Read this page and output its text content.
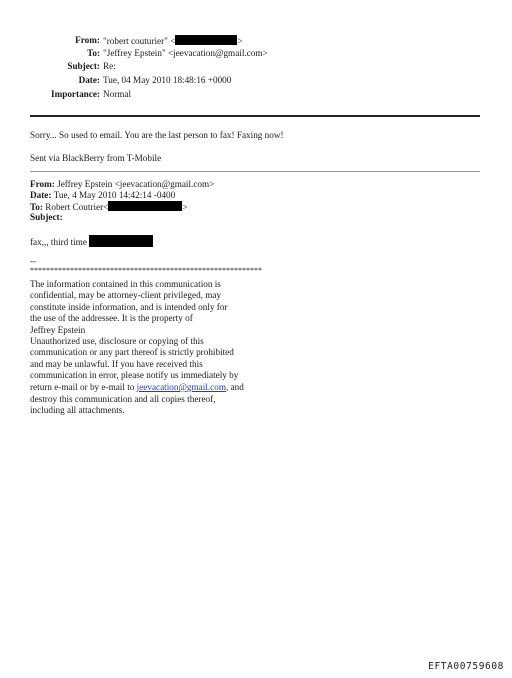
From: "robert couturier" <	>
To: "Jeffrey Epstein" <jeevacation@gmail.com>
Subject: Re:
Date: Tue, 04 May 2010 18:48:16 +0000
Importance: Normal
Sorry... So used to email. You are the last person to fax! Faxing now!
Sent via BlackBerry from T-Mobile
From: Jeffrey Epstein <jeevacation@gmail.com>
Date: Tue, 4 May 2010 14:42:14 -0400
To: Robert Coutrier<	>
Subject:
fax,,, third time
--
**********************************************************
The information contained in this communication is
confidential, may be attorney-client privileged, may
constitute inside information, and is intended only for
the use of the addressee. It is the property of
Jeffrey Epstein
Unauthorized use, disclosure or copying of this
communication or any part thereof is strictly prohibited
and may be unlawful. If you have received this
communication in error, please notify us immediately by
return e-mail or by e-mail to jeevacation@gmail.com, and
destroy this communication and all copies thereof,
including all attachments.
EFTA00759608
